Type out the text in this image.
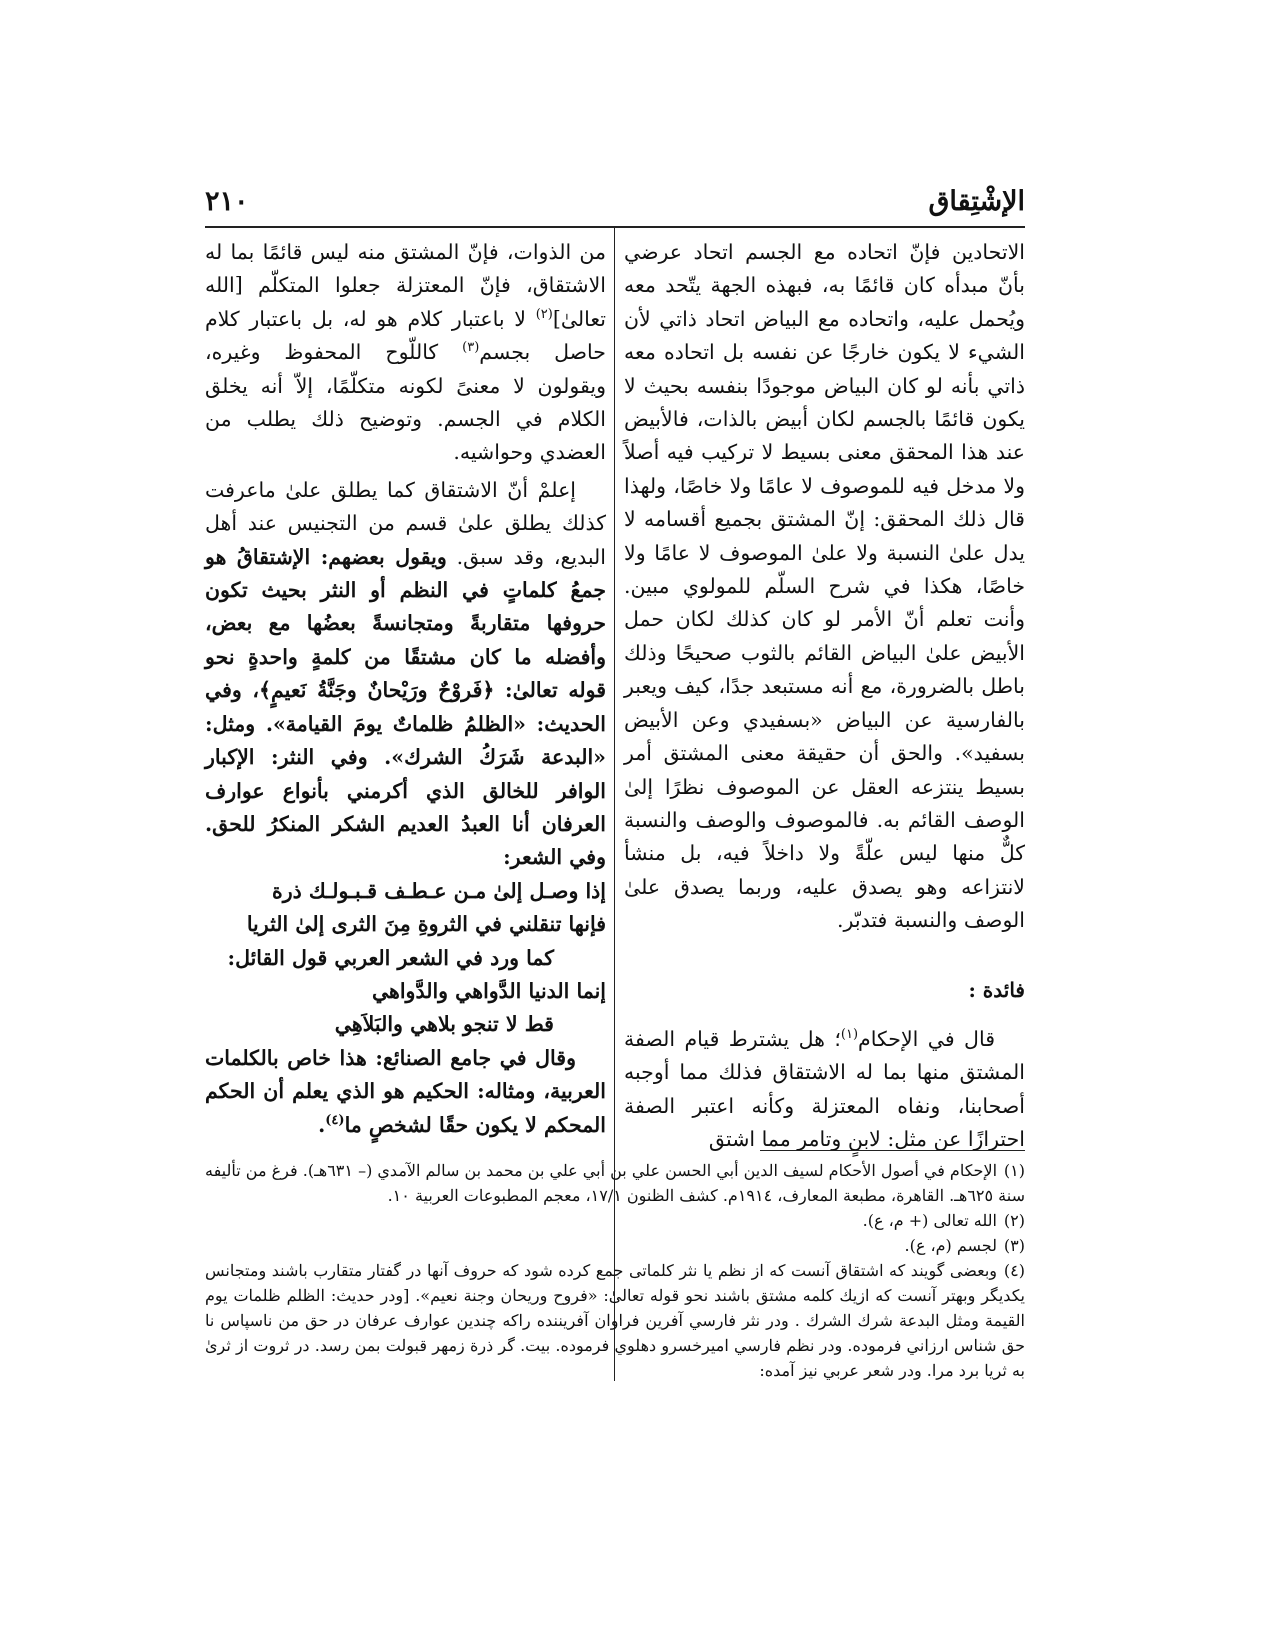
الإشْتِقاق
٢١٠

الاتحادين فإنّ اتحاده مع الجسم اتحاد عرضي بأنّ مبدأه كان قائمًا به، فبهذه الجهة يتّحد معه ويُحمل عليه، واتحاده مع البياض اتحاد ذاتي لأن الشيء لا يكون خارجًا عن نفسه بل اتحاده معه ذاتي بأنه لو كان البياض موجودًا بنفسه بحيث لا يكون قائمًا بالجسم لكان أبيض بالذات، فالأبيض عند هذا المحقق معنى بسيط لا تركيب فيه أصلاً ولا مدخل فيه للموصوف لا عامًا ولا خاصًا، ولهذا قال ذلك المحقق: إنّ المشتق بجميع أقسامه لا يدل علىٰ النسبة ولا علىٰ الموصوف لا عامًا ولا خاصًا، هكذا في شرح السلّم للمولوي مبين. وأنت تعلم أنّ الأمر لو كان كذلك لكان حمل الأبيض علىٰ البياض القائم بالثوب صحيحًا وذلك باطل بالضرورة، مع أنه مستبعد جدًا، كيف ويعبر بالفارسية عن البياض «بسفيدي وعن الأبيض بسفيد». والحق أن حقيقة معنى المشتق أمر بسيط ينتزعه العقل عن الموصوف نظرًا إلىٰ الوصف القائم به. فالموصوف والوصف والنسبة كلٌّ منها ليس علّةً ولا داخلاً فيه، بل منشأ لانتزاعه وهو يصدق عليه، وربما يصدق علىٰ الوصف والنسبة فتدبّر.

فائدة :

قال في الإحكام$^{(١)}$؛ هل يشترط قيام الصفة المشتق منها بما له الاشتقاق فذلك مما أوجبه أصحابنا، ونفاه المعتزلة وكأنه اعتبر الصفة احترازًا عن مثل: لابنٍ وتامر مما اشتق

من الذوات، فإنّ المشتق منه ليس قائمًا بما له الاشتقاق، فإنّ المعتزلة جعلوا المتكلّم [الله تعالىٰ]$^{(٢)}$ لا باعتبار كلام هو له، بل باعتبار كلام حاصل بجسم$^{(٣)}$ كاللّوح المحفوظ وغيره، ويقولون لا معنىً لكونه متكلّمًا، إلاّ أنه يخلق الكلام في الجسم. وتوضيح ذلك يطلب من العضدي وحواشيه.

إعلمْ أنّ الاشتقاق كما يطلق علىٰ ماعرفت كذلك يطلق علىٰ قسم من التجنيس عند أهل البديع، وقد سبق. ويقول بعضهم: الإشتقاقُ هو جمعُ كلماتٍ في النظم أو النثر بحيث تكون حروفها متقاربةً ومتجانسةً بعضُها مع بعض، وأفضله ما كان مشتقًا من كلمةٍ واحدةٍ نحو قوله تعالىٰ: ﴿فَروْحٌ ورَيْحانٌ وجَنَّةُ نَعيمٍ﴾، وفي الحديث: «الظلمُ ظلماتٌ يومَ القيامة». ومثل: «البدعة شَرَكُ الشرك». وفي النثر: الإكبار الوافر للخالق الذي أكرمني بأنواع عوارف العرفان أنا العبدُ العديم الشكر المنكرُ للحق. وفي الشعر:

إذا وصـل إلىٰ مـن عـطـف قـبـولـك ذرة

فإنها تنقلني في الثروةِ مِنَ الثرى إلىٰ الثريا

كما ورد في الشعر العربي قول القائل:

إنما الدنيا الدَّواهي والدَّواهي

قط لا تنجو بلاهي والبَلاَهِي

وقال في جامع الصنائع: هذا خاص بالكلمات العربية، ومثاله: الحكيم هو الذي يعلم أن الحكم المحكم لا يكون حقًا لشخصٍ ما$^{(٤)}$.

(١)الإحكام في أصول الأحكام لسيف الدين أبي الحسن علي بن أبي علي بن محمد بن سالم الآمدي (– ٦٣١هـ). فرغ من تأليفه سنة ٦٢٥هـ. القاهرة، مطبعة المعارف، ١٩١٤م. كشف الظنون ١٧/١، معجم المطبوعات العربية ١٠.

(٢)الله تعالى (+ م، ع).

(٣)لجسم (م، ع).

(٤)وبعضى گويند كه اشتقاق آنست كه از نظم يا نثر كلماتى جمع كرده شود كه حروف آنها در گفتار متقارب باشند ومتجانس يكديگر وبهتر آنست كه ازيك كلمه مشتق باشند نحو قوله تعالىٰ: «فروح وريحان وجنة نعيم». [ودر حديث: الظلم ظلمات يوم القيمة ومثل البدعة شرك الشرك . ودر نثر فارسي آفرين فراوان آفريننده راكه چندين عوارف عرفان در حق من ناسپاس نا حق شناس ارزاني فرموده. ودر نظم فارسي اميرخسرو دهلوي فرموده. بيت. گر ذرة زمهر قبولت بمن رسد. در ثروت از ثرىٰ به ثريا برد مرا. ودر شعر عربي نيز آمده:
